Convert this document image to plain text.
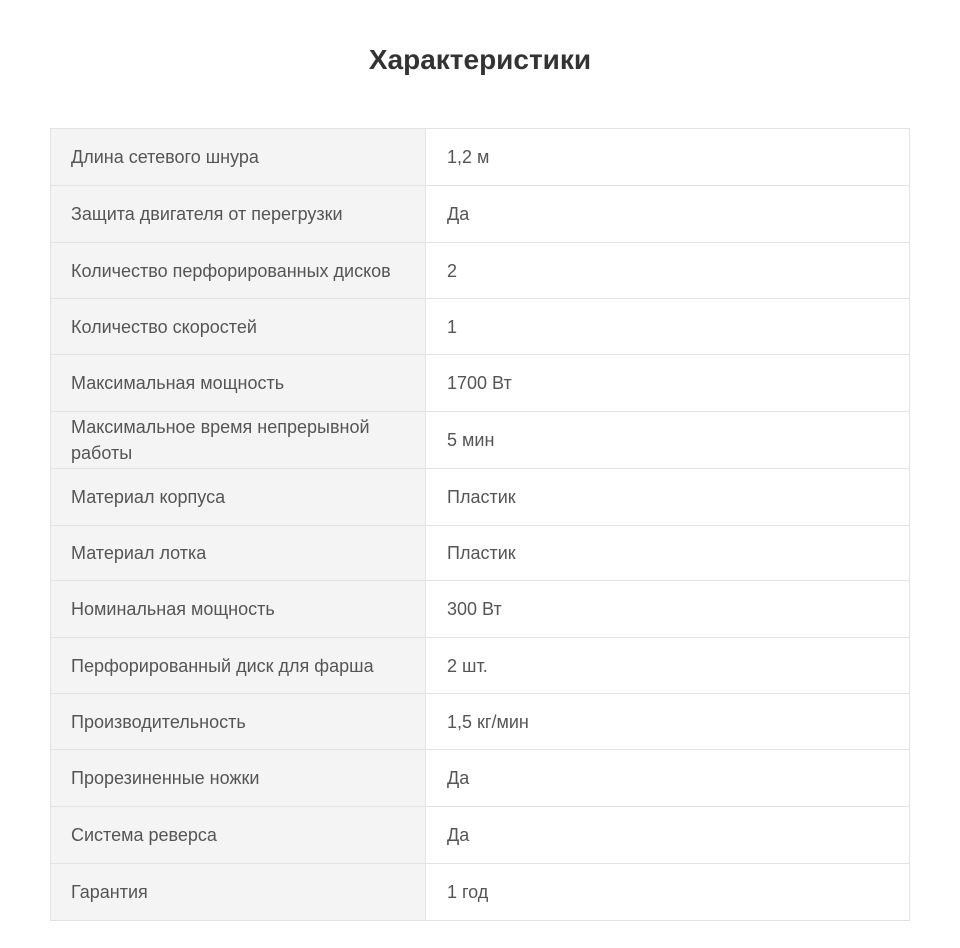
Характеристики
Длина сетевого шнура	1,2 м
Защита двигателя от перегрузки	Да
Количество перфорированных дисков	2
Количество скоростей	1
Максимальная мощность	1700 Вт
Максимальное время непрерывной работы	5 мин
Материал корпуса	Пластик
Материал лотка	Пластик
Номинальная мощность	300 Вт
Перфорированный диск для фарша	2 шт.
Производительность	1,5 кг/мин
Прорезиненные ножки	Да
Система реверса	Да
Гарантия	1 год
